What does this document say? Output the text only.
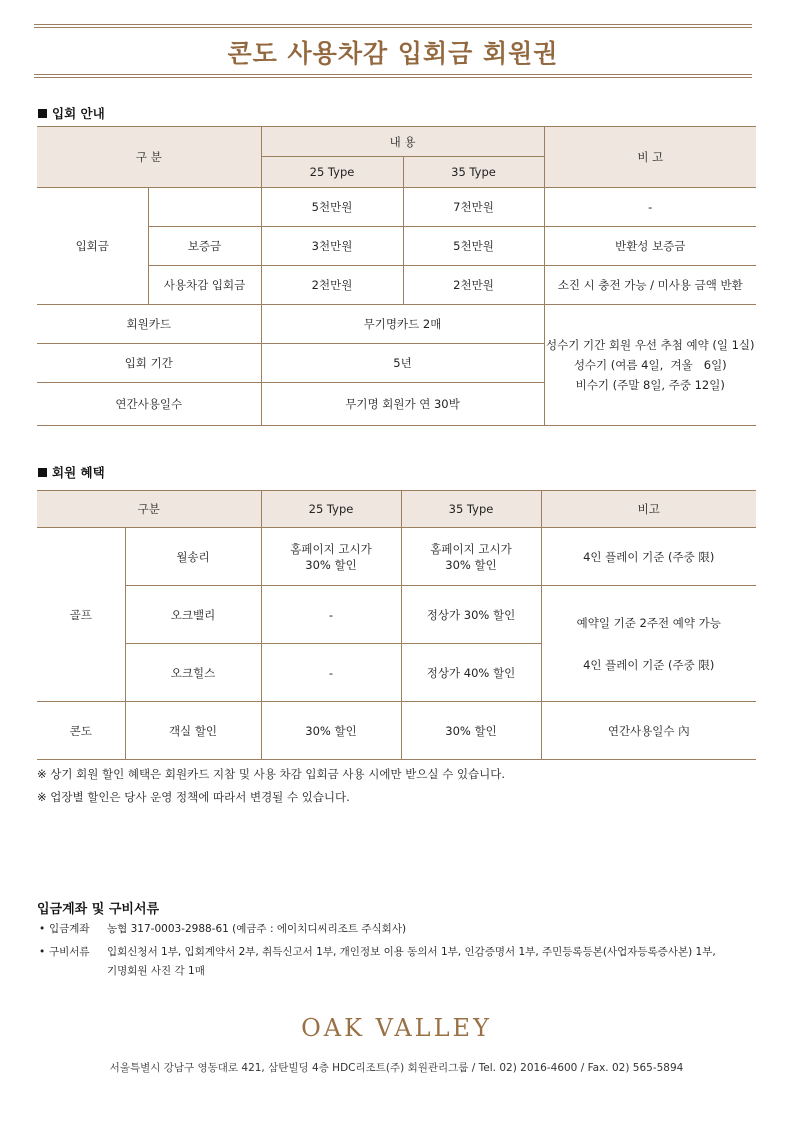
콘도 사용차감 입회금 회원권
입회 안내
구 분		내 용		비 고
		25 Type	35 Type	
입회금		5천만원	7천만원	-
	보증금	3천만원	5천만원	반환성 보증금
	사용차감 입회금	2천만원	2천만원	소진 시 충전 가능 / 미사용 금액 반환
회원카드		무기명카드 2매		성수기 기간 회원 우선 추첨 예약 (일 1실)
성수기 (여름 4일,  겨울   6일)
비수기 (주말 8일, 주중 12일)

입회 기간		5년		
연간사용일수		무기명 회원가 연 30박		
회원 혜택
구분		25 Type	35 Type	비고
골프	월송리	홈페이지 고시가
30% 할인	홈페이지 고시가
30% 할인	4인 플레이 기준 (주중 限)
	오크밸리	-	정상가 30% 할인	예약일 기준 2주전 예약 가능
4인 플레이 기준 (주중 限)

	오크힐스	-	정상가 40% 할인	
콘도	객실 할인	30% 할인	30% 할인	연간사용일수 內
※ 상기 회원 할인 혜택은 회원카드 지참 및 사용 차감 입회금 사용 시에만 받으실 수 있습니다.
※ 업장별 할인은 당사 운영 정책에 따라서 변경될 수 있습니다.
입금계좌 및 구비서류
• 입금계좌 농협 317-0003-2988-61 (예금주 : 에이치디씨리조트 주식회사)
• 구비서류 입회신청서 1부, 입회계약서 2부, 취득신고서 1부, 개인정보 이용 동의서 1부, 인감증명서 1부, 주민등록등본(사업자등록증사본) 1부,
기명회원 사진 각 1매
OAK VALLEY
서울특별시 강남구 영동대로 421, 삼탄빌딩 4층 HDC리조트(주) 회원관리그룹 / Tel. 02) 2016-4600 / Fax. 02) 565-5894
